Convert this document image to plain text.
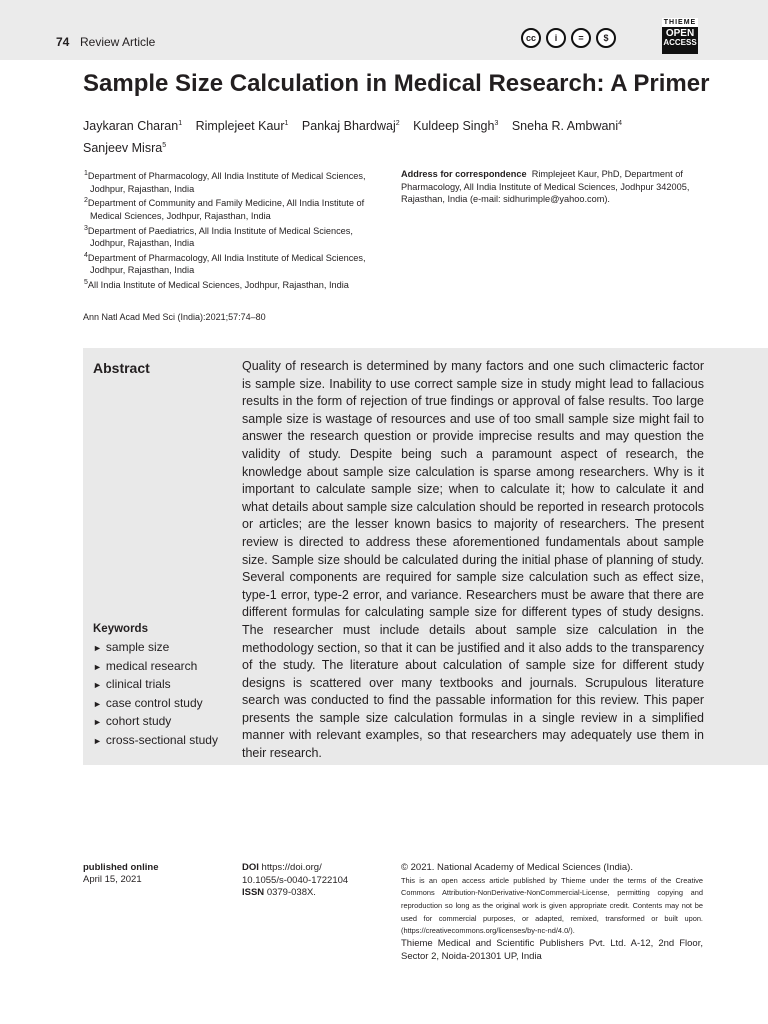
74 Review Article	cc	i	=	$
THIEME
OPEN
ACCESS
Sample Size Calculation in Medical Research: A Primer
Jaykaran Charan$^1$ Rimplejeet Kaur$^1$ Pankaj Bhardwaj$^2$ Kuldeep Singh$^3$ Sneha R. Ambwani$^4$
Sanjeev Misra$^5$
$^1$Department of Pharmacology, All India Institute of Medical Sciences, Jodhpur, Rajasthan, India
$^2$Department of Community and Family Medicine, All India Institute of Medical Sciences, Jodhpur, Rajasthan, India
$^3$Department of Paediatrics, All India Institute of Medical Sciences, Jodhpur, Rajasthan, India
$^4$Department of Pharmacology, All India Institute of Medical Sciences, Jodhpur, Rajasthan, India
$^5$All India Institute of Medical Sciences, Jodhpur, Rajasthan, India
Address for correspondence Rimplejeet Kaur, PhD, Department of Pharmacology, All India Institute of Medical Sciences, Jodhpur 342005, Rajasthan, India (e-mail: sidhurimple@yahoo.com).
Ann Natl Acad Med Sci (India):2021;57:74–80
Abstract	Quality of research is determined by many factors and one such climacteric factor is sample size. Inability to use correct sample size in study might lead to fallacious results in the form of rejection of true findings or approval of false results. Too large sample size is wastage of resources and use of too small sample size might fail to answer the research question or provide imprecise results and may question the validity of study. Despite being such a paramount aspect of research, the knowledge about sample size calculation is sparse among researchers. Why is it important to calculate sample size; when to calculate it; how to calculate it and what details about sample size calculation should be reported in research protocols or articles; are the lesser known basics to majority of researchers. The present review is directed to address these aforementioned fundamentals about sample size. Sample size should be calculated during the initial phase of planning of study. Several components are required for sample size calculation such as effect size, type-1 error, type-2 error, and variance. Researchers must be aware that there are different formulas for calculating sample size for different types of study designs. The researcher must include details about sample size calculation in the methodology section, so that it can be justified and it also adds to the transparency of the study. The literature about calculation of sample size for different study designs is scattered over many textbooks and journals. Scrupulous literature search was conducted to find the passable information for this review. This paper presents the sample size calculation formulas in a single review in a simplified manner with relevant examples, so that researchers may adequately use them in their research.

Keywords
► sample size
► medical research
► clinical trials
► case control study
► cohort study
► cross-sectional study
published online
April 15, 2021
DOI https://doi.org/
10.1055/s-0040-1722104
ISSN 0379-038X.
© 2021. National Academy of Medical Sciences (India).
This is an open access article published by Thieme under the terms of the Creative Commons Attribution-NonDerivative-NonCommercial-License, permitting copying and reproduction so long as the original work is given appropriate credit. Contents may not be used for commercial purposes, or adapted, remixed, transformed or built upon. (https://creativecommons.org/licenses/by-nc-nd/4.0/).
Thieme Medical and Scientific Publishers Pvt. Ltd. A-12, 2nd Floor, Sector 2, Noida-201301 UP, India
